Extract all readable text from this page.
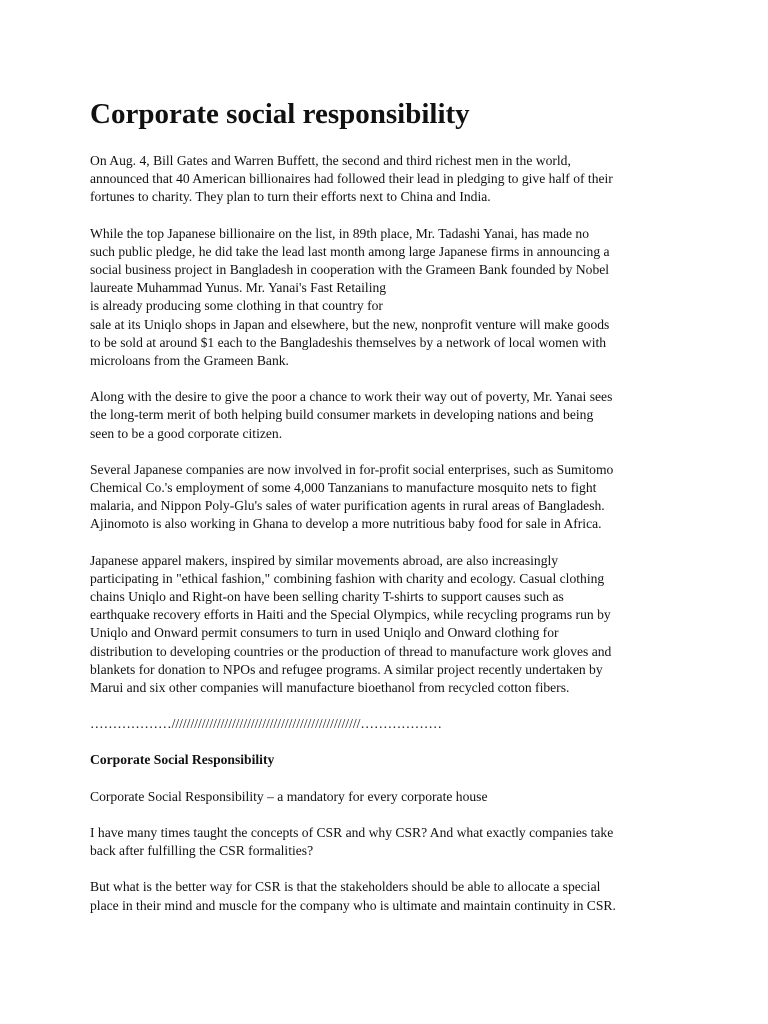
Corporate social responsibility
On Aug. 4, Bill Gates and Warren Buffett, the second and third richest men in the world,
announced that 40 American billionaires had followed their lead in pledging to give half of their
fortunes to charity. They plan to turn their efforts next to China and India.
While the top Japanese billionaire on the list, in 89th place, Mr. Tadashi Yanai, has made no
such public pledge, he did take the lead last month among large Japanese firms in announcing a
social business project in Bangladesh in cooperation with the Grameen Bank founded by Nobel
laureate Muhammad Yunus. Mr. Yanai's Fast Retailing
is already producing some clothing in that country for
sale at its Uniqlo shops in Japan and elsewhere, but the new, nonprofit venture will make goods
to be sold at around $1 each to the Bangladeshis themselves by a network of local women with
microloans from the Grameen Bank.
Along with the desire to give the poor a chance to work their way out of poverty, Mr. Yanai sees
the long-term merit of both helping build consumer markets in developing nations and being
seen to be a good corporate citizen.
Several Japanese companies are now involved in for-profit social enterprises, such as Sumitomo
Chemical Co.'s employment of some 4,000 Tanzanians to manufacture mosquito nets to fight
malaria, and Nippon Poly-Glu's sales of water purification agents in rural areas of Bangladesh.
Ajinomoto is also working in Ghana to develop a more nutritious baby food for sale in Africa.
Japanese apparel makers, inspired by similar movements abroad, are also increasingly
participating in "ethical fashion," combining fashion with charity and ecology. Casual clothing
chains Uniqlo and Right-on have been selling charity T-shirts to support causes such as
earthquake recovery efforts in Haiti and the Special Olympics, while recycling programs run by
Uniqlo and Onward permit consumers to turn in used Uniqlo and Onward clothing for
distribution to developing countries or the production of thread to manufacture work gloves and
blankets for donation to NPOs and refugee programs. A similar project recently undertaken by
Marui and six other companies will manufacture bioethanol from recycled cotton fibers.
………………//////////////////////////////////////////////////………………
Corporate Social Responsibility
Corporate Social Responsibility – a mandatory for every corporate house
I have many times taught the concepts of CSR and why CSR? And what exactly companies take
back after fulfilling the CSR formalities?
But what is the better way for CSR is that the stakeholders should be able to allocate a special
place in their mind and muscle for the company who is ultimate and maintain continuity in CSR.
